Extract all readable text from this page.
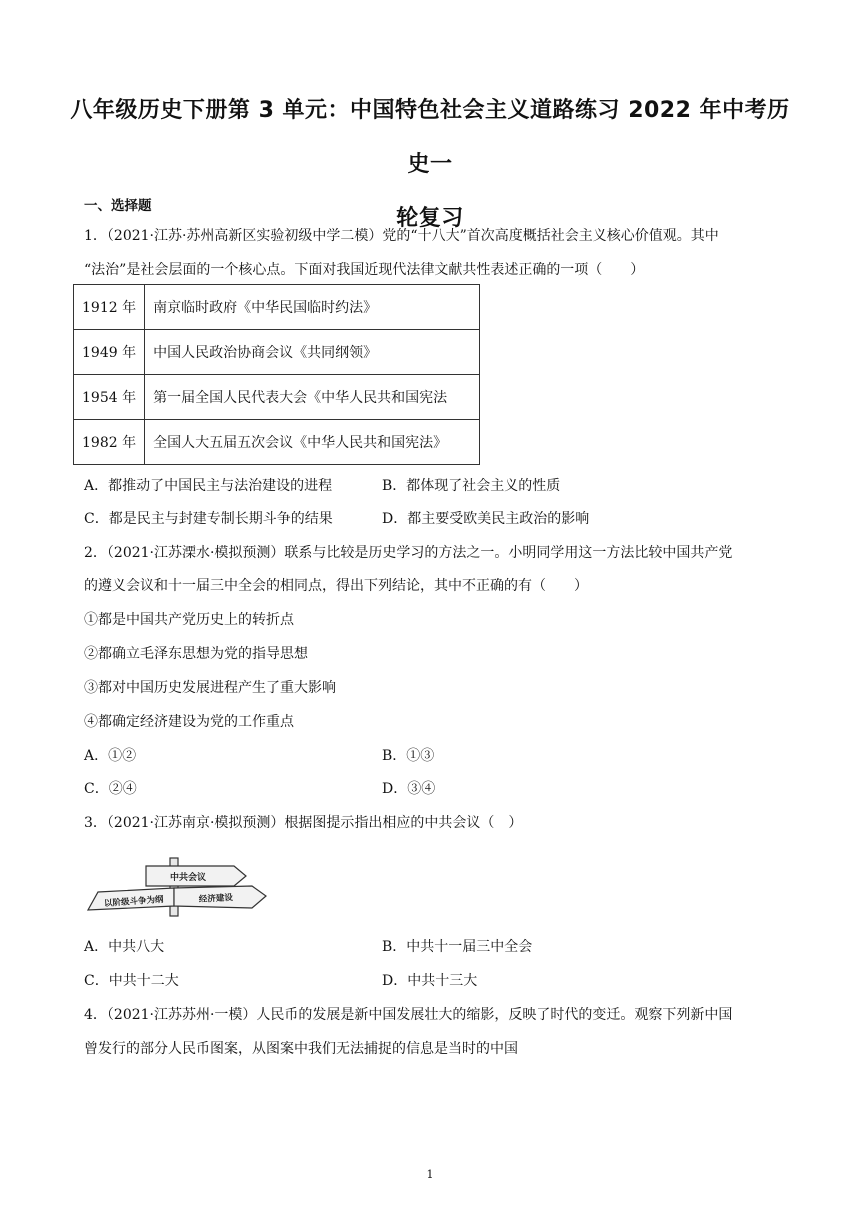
八年级历史下册第 3 单元：中国特色社会主义道路练习 2022 年中考历史一
轮复习
一、选择题
1．（2021·江苏·苏州高新区实验初级中学二模）党的“十八大”首次高度概括社会主义核心价值观。其中
“法治”是社会层面的一个核心点。下面对我国近现代法律文献共性表述正确的一项（　　）
1912 年	南京临时政府《中华民国临时约法》
1949 年	中国人民政治协商会议《共同纲领》
1954 年	第一届全国人民代表大会《中华人民共和国宪法
1982 年	全国人大五届五次会议《中华人民共和国宪法》
A．都推动了中国民主与法治建设的进程	B．都体现了社会主义的性质
C．都是民主与封建专制长期斗争的结果	D．都主要受欧美民主政治的影响
2．（2021·江苏溧水·模拟预测）联系与比较是历史学习的方法之一。小明同学用这一方法比较中国共产党
的遵义会议和十一届三中全会的相同点，得出下列结论，其中不正确的有（　　）
①都是中国共产党历史上的转折点
②都确立毛泽东思想为党的指导思想
③都对中国历史发展进程产生了重大影响
④都确定经济建设为党的工作重点
A．①②	B．①③
C．②④	D．③④
3．（2021·江苏南京·模拟预测）根据图提示指出相应的中共会议（　）
中共会议
以阶级斗争为纲	经济建设
A．中共八大	B．中共十一届三中全会
C．中共十二大	D．中共十三大
4．（2021·江苏苏州·一模）人民币的发展是新中国发展壮大的缩影，反映了时代的变迁。观察下列新中国
曾发行的部分人民币图案，从图案中我们无法捕捉的信息是当时的中国
1
